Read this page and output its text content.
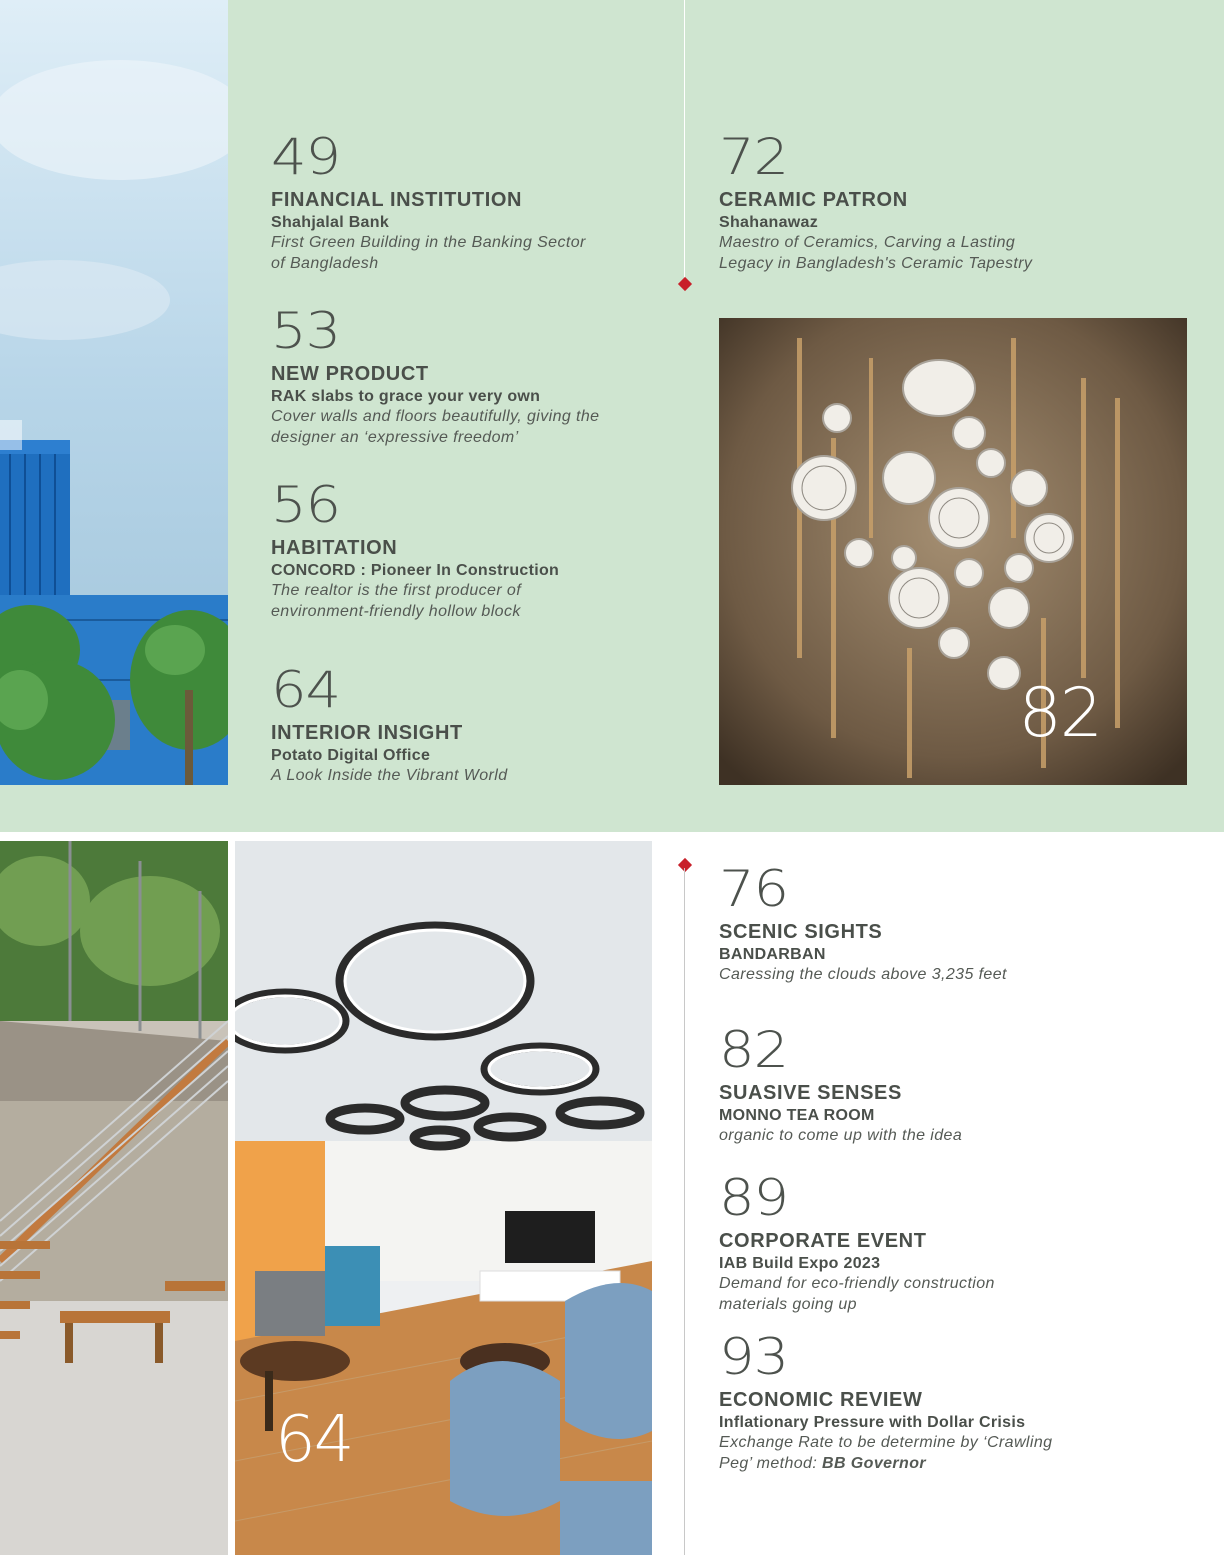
49
FINANCIAL INSTITUTION
Shahjalal Bank
First Green Building in the Banking Sector
of Bangladesh
53
NEW PRODUCT
RAK slabs to grace your very own
Cover walls and floors beautifully, giving the
designer an ‘expressive freedom’
56
HABITATION
CONCORD : Pioneer In Construction
The realtor is the first producer of
environment-friendly hollow block
64
INTERIOR INSIGHT
Potato Digital Office
A Look Inside the Vibrant World
72
CERAMIC PATRON
Shahanawaz
Maestro of Ceramics, Carving a Lasting
Legacy in Bangladesh's Ceramic Tapestry
82
64
76
SCENIC SIGHTS
BANDARBAN
Caressing the clouds above 3,235 feet
82
SUASIVE SENSES
MONNO TEA ROOM
organic to come up with the idea
89
CORPORATE EVENT
IAB Build Expo 2023
Demand for eco-friendly construction
materials going up
93
ECONOMIC REVIEW
Inflationary Pressure with Dollar Crisis
Exchange Rate to be determine by ‘Crawling
Peg’ method: BB Governor
